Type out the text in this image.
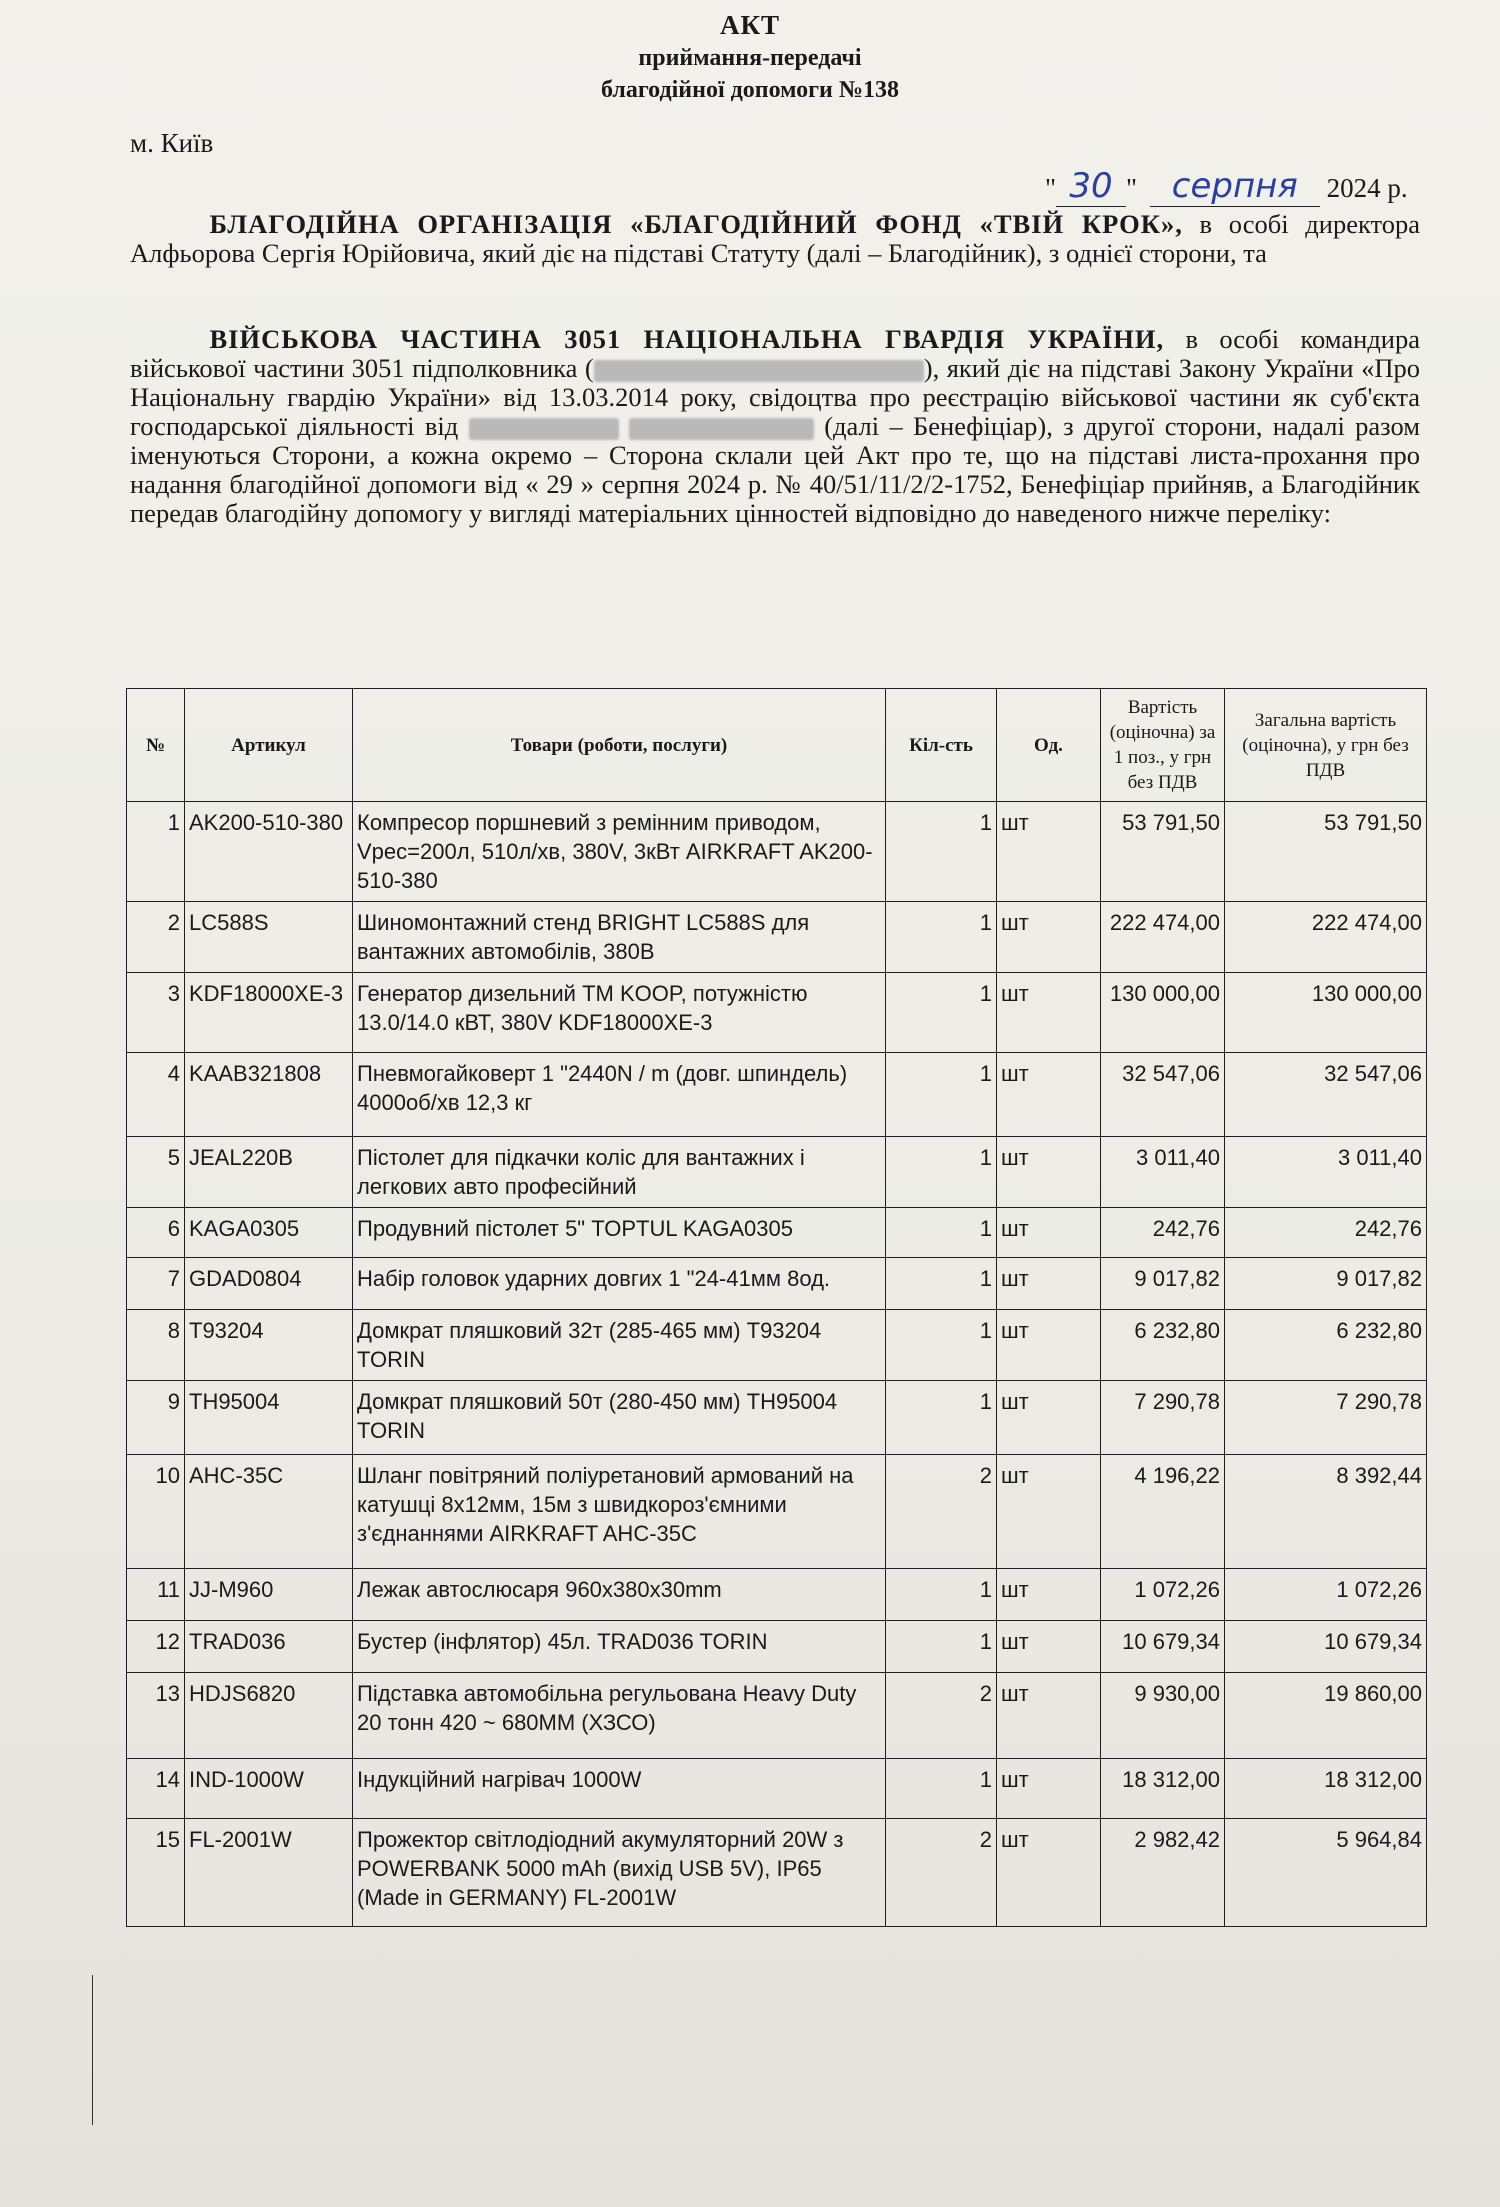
АКТ
приймання-передачі
благодійної допомоги №138
м. Київ
" 30 " серпня 2024 р.
   БЛАГОДІЙНА ОРГАНІЗАЦІЯ «БЛАГОДІЙНИЙ ФОНД «ТВІЙ КРОК», в особі директора Алфьорова Сергія Юрійовича, який діє на підставі Статуту (далі – Благодійник), з однієї сторони, та
   ВІЙСЬКОВА ЧАСТИНА 3051 НАЦІОНАЛЬНА ГВАРДІЯ УКРАЇНИ, в особі командира військової частини 3051 підполковника (	), який діє на підставі Закону України «Про Національну гвардію України» від 13.03.2014 року, свідоцтва про реєстрацію військової частини як суб'єкта господарської діяльності від	(далі – Бенефіціар), з другої сторони, надалі разом іменуються Сторони, а кожна окремо – Сторона склали цей Акт про те, що на підставі листа-прохання про надання благодійної допомоги від « 29 » серпня 2024 р. № 40/51/11/2/2-1752, Бенефіціар прийняв, а Благодійник передав благодійну допомогу у вигляді матеріальних цінностей відповідно до наведеного нижче переліку:
№	Артикул	Товари (роботи, послуги)	Кіл-сть	Од.	Вартість (оціночна) за 1 поз., у грн без ПДВ	Загальна вартість (оціночна), у грн без ПДВ
1	AK200-510-380	Компресор поршневий з ремінним приводом, Vрес=200л, 510л/хв, 380V, 3кВт AIRKRAFT AK200-510-380	1	шт	53 791,50	53 791,50
2	LC588S	Шиномонтажний стенд BRIGHT LC588S для вантажних автомобілів, 380В	1	шт	222 474,00	222 474,00
3	KDF18000XE-3	Генератор дизельний ТМ KOOP, потужністю 13.0/14.0 кВТ, 380V KDF18000XE-3	1	шт	130 000,00	130 000,00
4	KAAB321808	Пневмогайковерт 1 "2440N / m (довг. шпиндель) 4000об/хв 12,3 кг	1	шт	32 547,06	32 547,06
5	JEAL220B	Пістолет для підкачки коліс для вантажних і легкових авто професійний	1	шт	3 011,40	3 011,40
6	KAGA0305	Продувний пістолет 5" TOPTUL KAGA0305	1	шт	242,76	242,76
7	GDAD0804	Набір головок ударних довгих 1 "24-41мм 8од.	1	шт	9 017,82	9 017,82
8	T93204	Домкрат пляшковий 32т (285-465 мм) T93204 TORIN	1	шт	6 232,80	6 232,80
9	TH95004	Домкрат пляшковий 50т (280-450 мм) TH95004 TORIN	1	шт	7 290,78	7 290,78
10	AHC-35C	Шланг повітряний поліуретановий армований на катушці 8х12мм, 15м з швидкороз'ємними з'єднаннями AIRKRAFT AHC-35C	2	шт	4 196,22	8 392,44
11	JJ-M960	Лежак автослюсаря 960х380х30mm	1	шт	1 072,26	1 072,26
12	TRAD036	Бустер (інфлятор) 45л. TRAD036 TORIN	1	шт	10 679,34	10 679,34
13	HDJS6820	Підставка автомобільна регульована Heavy Duty 20 тонн 420 ~ 680ММ (ХЗСО)	2	шт	9 930,00	19 860,00
14	IND-1000W	Індукційний нагрівач 1000W	1	шт	18 312,00	18 312,00
15	FL-2001W	Прожектор світлодіодний акумуляторний 20W з POWERBANK 5000 mAh (вихід USB 5V), IP65 (Made in GERMANY) FL-2001W	2	шт	2 982,42	5 964,84
